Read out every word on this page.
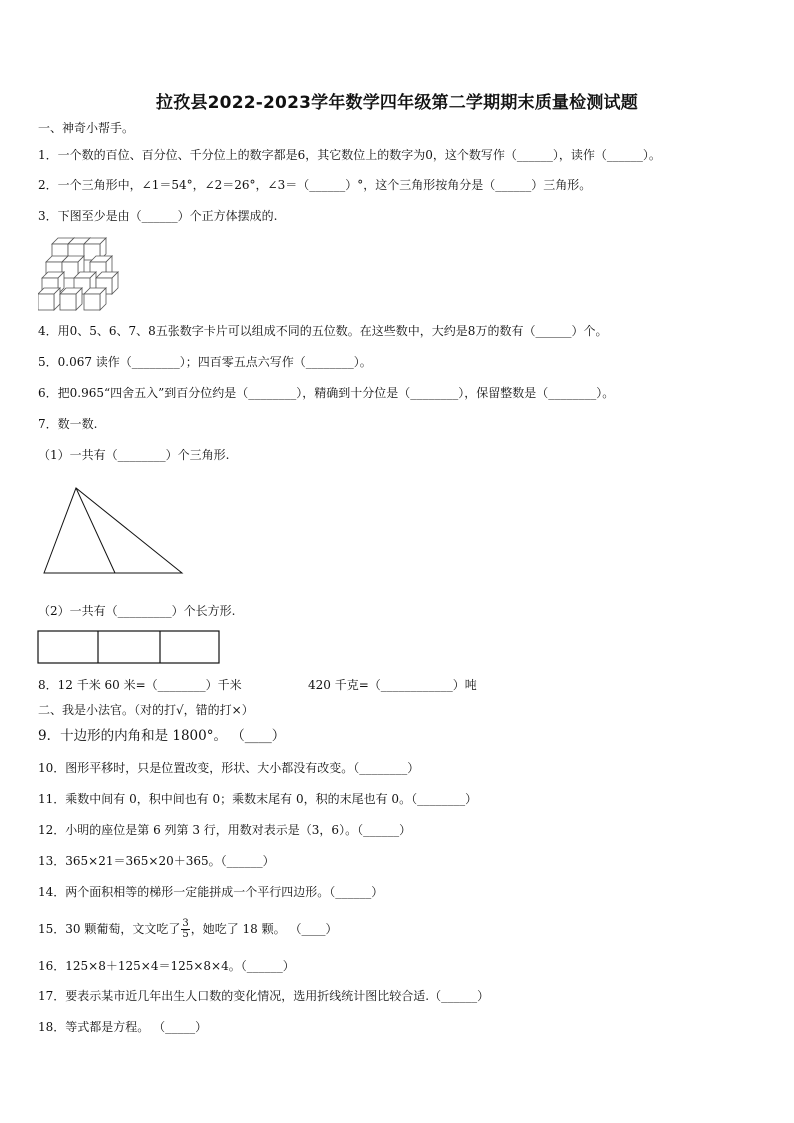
拉孜县2022-2023学年数学四年级第二学期期末质量检测试题
一、神奇小帮手。
1．一个数的百位、百分位、千分位上的数字都是6，其它数位上的数字为0，这个数写作（______），读作（______）。
2．一个三角形中，∠1＝54°，∠2＝26°，∠3＝（______）°，这个三角形按角分是（______）三角形。
3．下图至少是由（______）个正方体摆成的.
4．用0、5、6、7、8五张数字卡片可以组成不同的五位数。在这些数中，大约是8万的数有（______）个。
5．0.067 读作（________）；四百零五点六写作（________）。
6．把0.965“四舍五入”到百分位约是（________），精确到十分位是（________），保留整数是（________）。
7．数一数.
（1）一共有（________）个三角形.
（2）一共有（_________）个长方形.
8．12 千米 60 米=（________）千米	420 千克=（____________）吨
二、我是小法官。（对的打√，错的打×）
9．十边形的内角和是 1800°。 （____）
10．图形平移时，只是位置改变，形状、大小都没有改变。（________）
11．乘数中间有 0，积中间也有 0；乘数末尾有 0，积的末尾也有 0。（________）
12．小明的座位是第 6 列第 3 行，用数对表示是（3，6）。（______）
13．365×21＝365×20＋365。（______）
14．两个面积相等的梯形一定能拼成一个平行四边形。（______）
15．30 颗葡萄，文文吃了 $\frac{3}{5}$ ，她吃了 18 颗。 （____）
16．125×8＋125×4＝125×8×4。（______）
17．要表示某市近几年出生人口数的变化情况，选用折线统计图比较合适.（______）
18．等式都是方程。 （_____）
